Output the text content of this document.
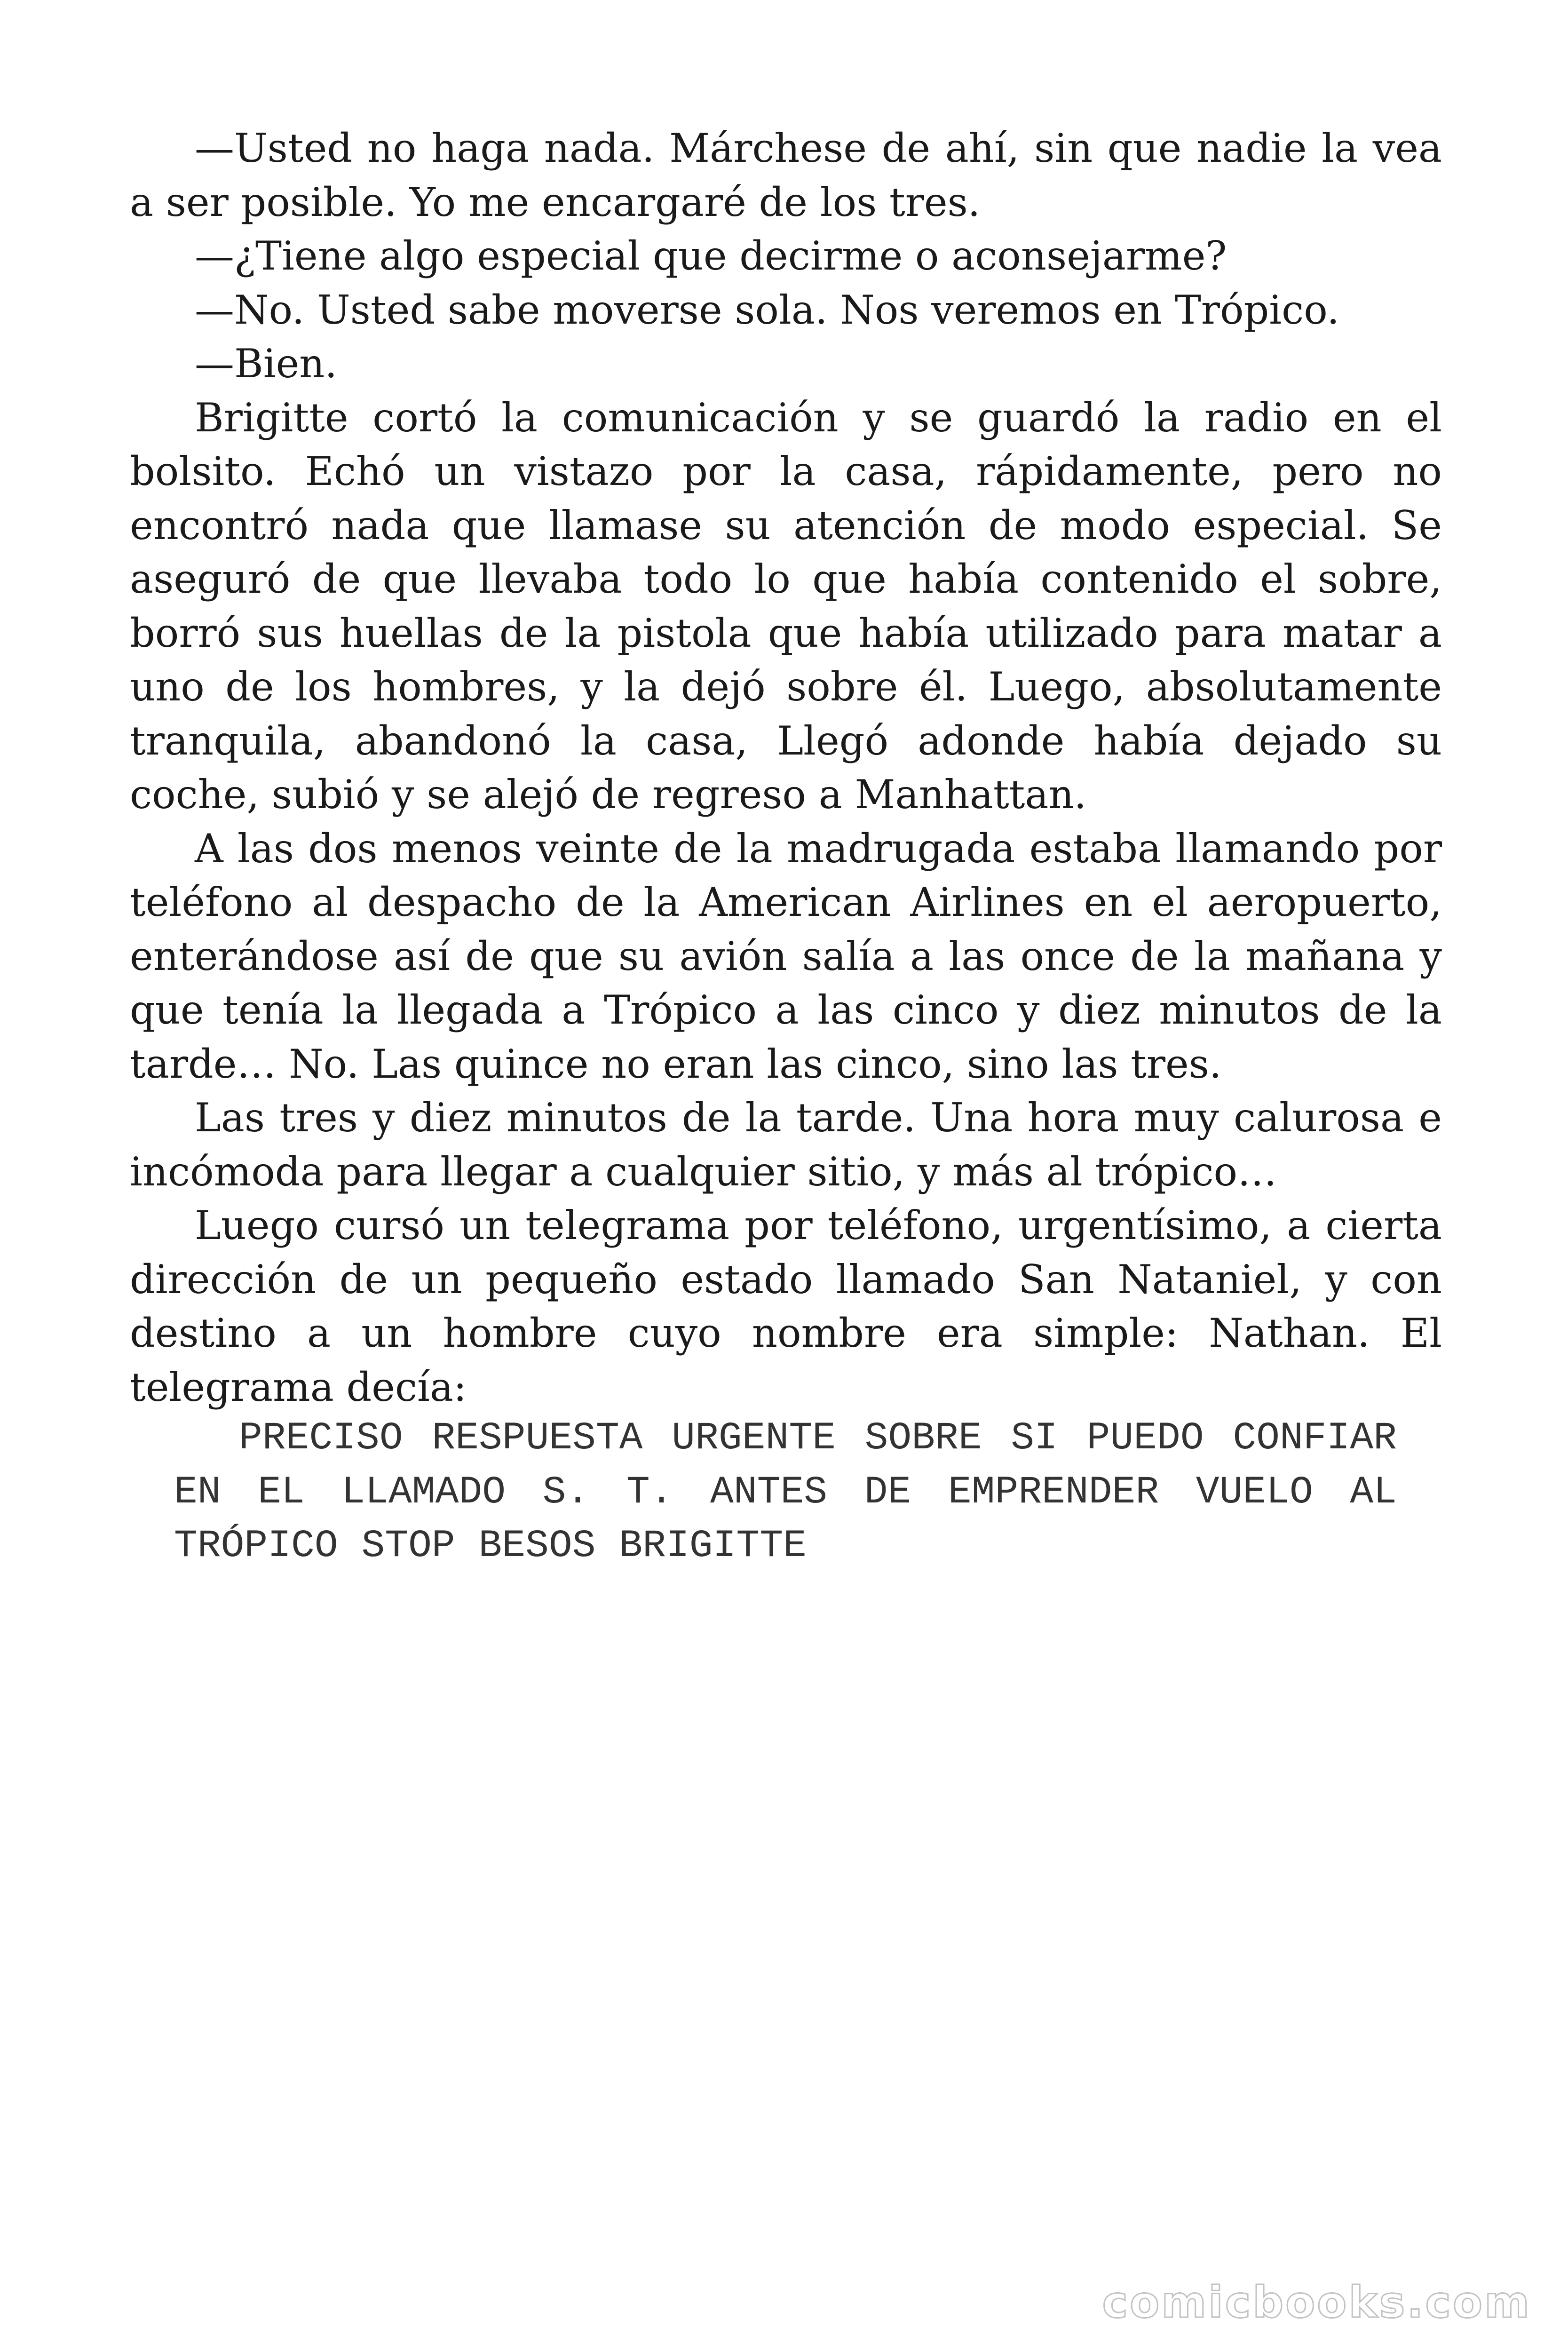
—Usted no haga nada. Márchese de ahí, sin que nadie la vea a ser posible. Yo me encargaré de los tres.

—¿Tiene algo especial que decirme o aconsejarme?

—No. Usted sabe moverse sola. Nos veremos en Trópico.

—Bien.

Brigitte cortó la comunicación y se guardó la radio en el bolsito. Echó un vistazo por la casa, rápidamente, pero no encontró nada que llamase su atención de modo especial. Se aseguró de que llevaba todo lo que había contenido el sobre, borró sus huellas de la pistola que había utilizado para matar a uno de los hombres, y la dejó sobre él. Luego, absolutamente tranquila, abandonó la casa, Llegó adonde había dejado su coche, subió y se alejó de regreso a Manhattan.

A las dos menos veinte de la madrugada estaba llamando por teléfono al despacho de la American Airlines en el aeropuerto, enterándose así de que su avión salía a las once de la mañana y que tenía la llegada a Trópico a las cinco y diez minutos de la tarde… No. Las quince no eran las cinco, sino las tres.

Las tres y diez minutos de la tarde. Una hora muy calurosa e incómoda para llegar a cualquier sitio, y más al trópico…

Luego cursó un telegrama por teléfono, urgentísimo, a cierta dirección de un pequeño estado llamado San Nataniel, y con destino a un hombre cuyo nombre era simple: Nathan. El telegrama decía:

PRECISO RESPUESTA URGENTE SOBRE SI PUEDO CONFIAR EN EL LLAMADO S. T. ANTES DE EMPRENDER VUELO AL TRÓPICO STOP BESOS BRIGITTE

comicbooks.com
